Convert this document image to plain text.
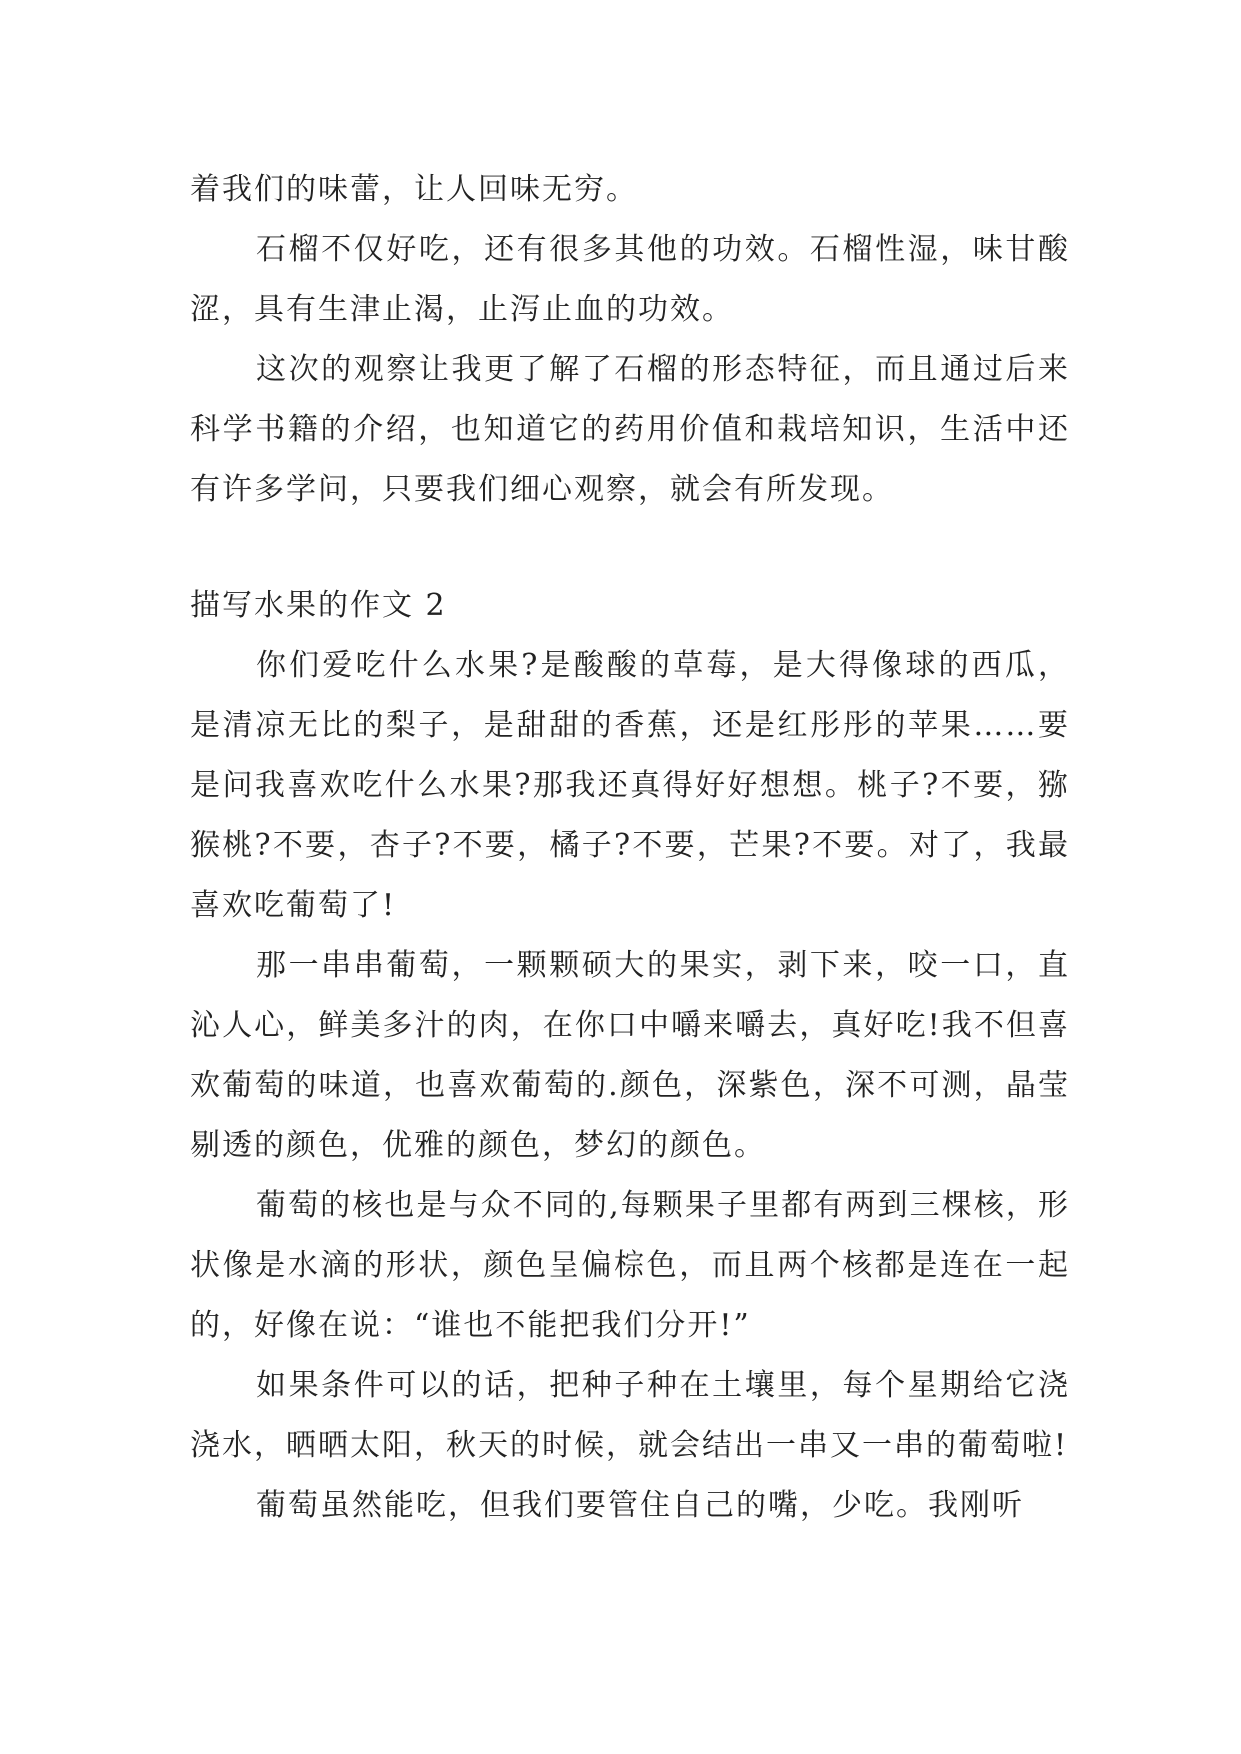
着我们的味蕾，让人回味无穷。

石榴不仅好吃，还有很多其他的功效。石榴性湿，味甘酸涩，具有生津止渴，止泻止血的功效。

这次的观察让我更了解了石榴的形态特征，而且通过后来科学书籍的介绍，也知道它的药用价值和栽培知识，生活中还有许多学问，只要我们细心观察，就会有所发现。

描写水果的作文 2

你们爱吃什么水果?是酸酸的草莓，是大得像球的西瓜，是清凉无比的梨子，是甜甜的香蕉，还是红彤彤的苹果……要是问我喜欢吃什么水果?那我还真得好好想想。桃子?不要，猕猴桃?不要，杏子?不要，橘子?不要，芒果?不要。对了，我最喜欢吃葡萄了!

那一串串葡萄，一颗颗硕大的果实，剥下来，咬一口，直沁人心，鲜美多汁的肉，在你口中嚼来嚼去，真好吃!我不但喜欢葡萄的味道，也喜欢葡萄的.颜色，深紫色，深不可测，晶莹剔透的颜色，优雅的颜色，梦幻的颜色。

葡萄的核也是与众不同的,每颗果子里都有两到三棵核，形状像是水滴的形状，颜色呈偏棕色，而且两个核都是连在一起的，好像在说：“谁也不能把我们分开!”

如果条件可以的话，把种子种在土壤里，每个星期给它浇浇水，晒晒太阳，秋天的时候，就会结出一串又一串的葡萄啦!

葡萄虽然能吃，但我们要管住自己的嘴，少吃。我刚听
